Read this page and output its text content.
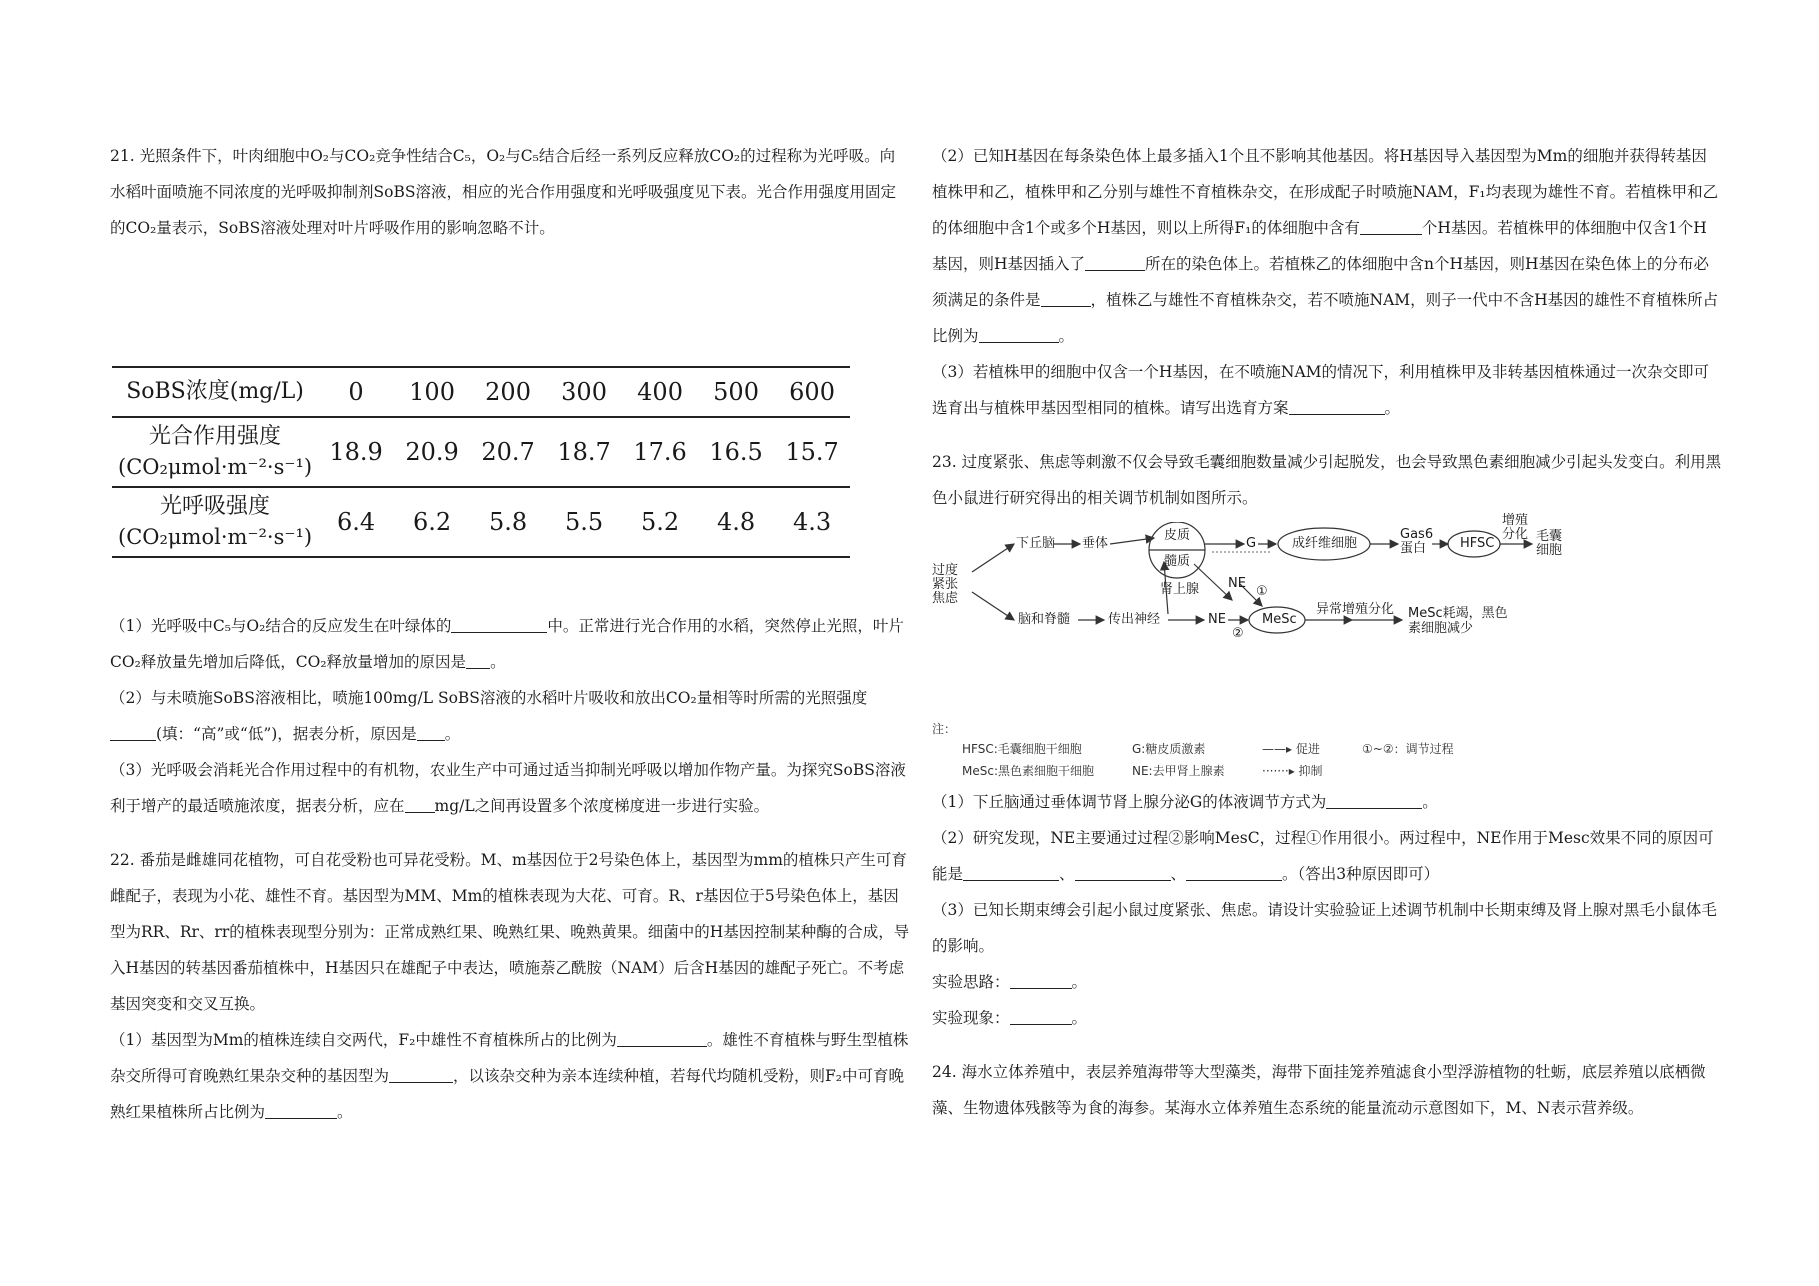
21. 光照条件下，叶肉细胞中O₂与CO₂竞争性结合C₅，O₂与C₅结合后经一系列反应释放CO₂的过程称为光呼吸。向水稻叶面喷施不同浓度的光呼吸抑制剂SoBS溶液，相应的光合作用强度和光呼吸强度见下表。光合作用强度用固定的CO₂量表示，SoBS溶液处理对叶片呼吸作用的影响忽略不计。

SoBS浓度(mg/L)	0	100	200	300	400	500	600

光合作用强度
(CO₂μmol·m⁻²·s⁻¹)	18.9	20.9	20.7	18.7	17.6	16.5	15.7

光呼吸强度
(CO₂μmol·m⁻²·s⁻¹)	6.4	6.2	5.8	5.5	5.2	4.8	4.3

（1）光呼吸中C₅与O₂结合的反应发生在叶绿体的	中。正常进行光合作用的水稻，突然停止光照，叶片CO₂释放量先增加后降低，CO₂释放量增加的原因是 。

（2）与未喷施SoBS溶液相比，喷施100mg/L SoBS溶液的水稻叶片吸收和放出CO₂量相等时所需的光照强度(填：“高”或“低”)，据表分析，原因是 。

（3）光呼吸会消耗光合作用过程中的有机物，农业生产中可通过适当抑制光呼吸以增加作物产量。为探究SoBS溶液利于增产的最适喷施浓度，据表分析，应在 mg/L之间再设置多个浓度梯度进一步进行实验。

22. 番茄是雌雄同花植物，可自花受粉也可异花受粉。M、m基因位于2号染色体上，基因型为mm的植株只产生可育雌配子，表现为小花、雄性不育。基因型为MM、Mm的植株表现为大花、可育。R、r基因位于5号染色体上，基因型为RR、Rr、rr的植株表现型分别为：正常成熟红果、晚熟红果、晚熟黄果。细菌中的H基因控制某种酶的合成，导入H基因的转基因番茄植株中，H基因只在雄配子中表达，喷施萘乙酰胺（NAM）后含H基因的雄配子死亡。不考虑基因突变和交叉互换。

（1）基因型为Mm的植株连续自交两代，F₂中雄性不育植株所占的比例为	。雄性不育植株与野生型植株杂交所得可育晚熟红果杂交种的基因型为	，以该杂交种为亲本连续种植，若每代均随机受粉，则F₂中可育晚熟红果植株所占比例为	。

（2）已知H基因在每条染色体上最多插入1个且不影响其他基因。将H基因导入基因型为Mm的细胞并获得转基因植株甲和乙，植株甲和乙分别与雄性不育植株杂交，在形成配子时喷施NAM，F₁均表现为雄性不育。若植株甲和乙的体细胞中含1个或多个H基因，则以上所得F₁的体细胞中含有	个H基因。若植株甲的体细胞中仅含1个H基因，则H基因插入了	所在的染色体上。若植株乙的体细胞中含n个H基因，则H基因在染色体上的分布必须满足的条件是	，植株乙与雄性不育植株杂交，若不喷施NAM，则子一代中不含H基因的雄性不育植株所占比例为	。

（3）若植株甲的细胞中仅含一个H基因，在不喷施NAM的情况下，利用植株甲及非转基因植株通过一次杂交即可选育出与植株甲基因型相同的植株。请写出选育方案	。

23. 过度紧张、焦虑等刺激不仅会导致毛囊细胞数量减少引起脱发，也会导致黑色素细胞减少引起头发变白。利用黑色小鼠进行研究得出的相关调节机制如图所示。

过度紧张焦虑
下丘脑 垂体
皮质
髓质
肾上腺
G	成纤维细胞
Gas6蛋白	HFSC
增殖分化 毛囊细胞
脑和脊髓	传出神经
NE
NE
①
②
MeSc
异常增殖分化 MeSc耗竭，黑色素细胞减少
注：
HFSC:毛囊细胞干细胞	G:糖皮质激素	——▸ 促进	①~②：调节过程
MeSc:黑色素细胞干细胞	NE:去甲肾上腺素	·······▸ 抑制

（1）下丘脑通过垂体调节肾上腺分泌G的体液调节方式为	。

（2）研究发现，NE主要通过过程②影响MesC，过程①作用很小。两过程中，NE作用于Mesc效果不同的原因可能是	、	、	。（答出3种原因即可）

（3）已知长期束缚会引起小鼠过度紧张、焦虑。请设计实验验证上述调节机制中长期束缚及肾上腺对黑毛小鼠体毛的影响。

实验思路：	。

实验现象：	。

24. 海水立体养殖中，表层养殖海带等大型藻类，海带下面挂笼养殖滤食小型浮游植物的牡蛎，底层养殖以底栖微藻、生物遗体残骸等为食的海参。某海水立体养殖生态系统的能量流动示意图如下，M、N表示营养级。
